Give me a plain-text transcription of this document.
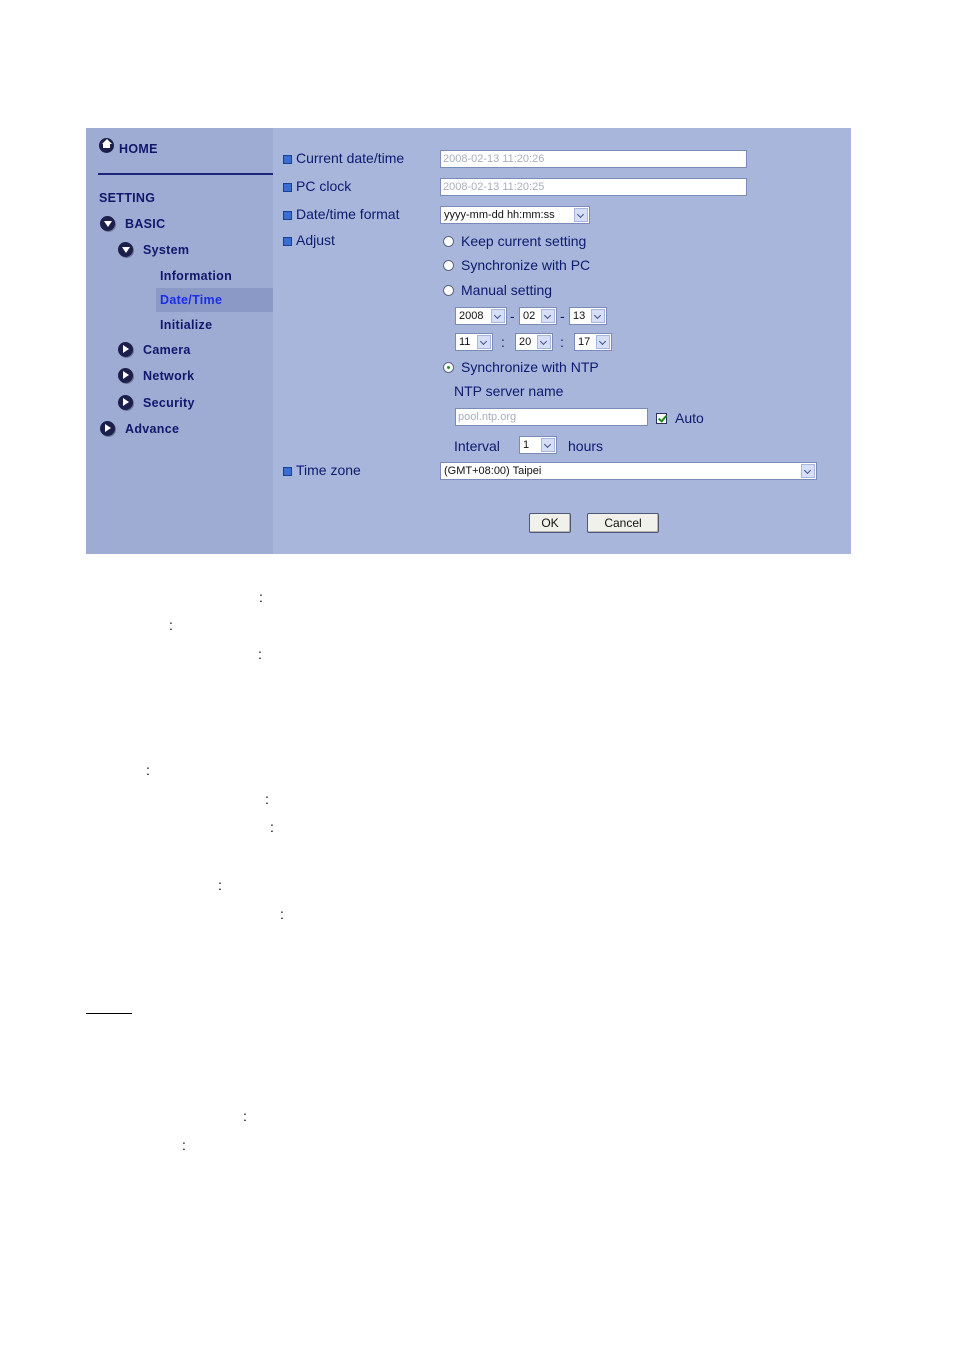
HOME
SETTING
BASIC
System
Information
Date/Time
Initialize
Camera
Network
Security
Advance
Current date/time	2008-02-13 11:20:26
PC clock	2008-02-13 11:20:25
Date/time format	yyyy-mm-dd hh:mm:ss
Adjust	Keep current setting
Synchronize with PC
Manual setting
2008 - 02 - 13
11 : 20 : 17
Synchronize with NTP
NTP server name
pool.ntp.org	Auto
Interval 1	hours
Time zone	(GMT+08:00) Taipei
OK	Cancel
:
:
:
:
:
:
:
:
:
:
